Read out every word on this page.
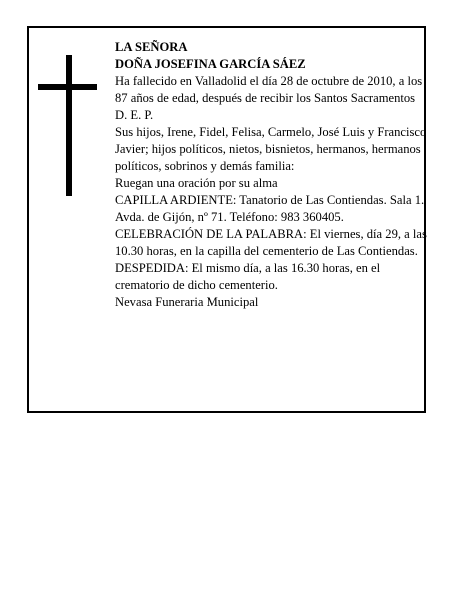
LA SEÑORA

DOÑA JOSEFINA GARCÍA SÁEZ

Ha fallecido en Valladolid el día 28 de octubre de 2010, a los 87 años de edad, después de recibir los Santos Sacramentos

D. E. P.

Sus hijos, Irene, Fidel, Felisa, Carmelo, José Luis y Francisco Javier; hijos políticos, nietos, bisnietos, hermanos, hermanos políticos, sobrinos y demás familia:

Ruegan una oración por su alma

CAPILLA ARDIENTE: Tanatorio de Las Contiendas. Sala 1. Avda. de Gijón, nº 71. Teléfono: 983 360405.

CELEBRACIÓN DE LA PALABRA: El viernes, día 29, a las 10.30 horas, en la capilla del cementerio de Las Contiendas.

DESPEDIDA: El mismo día, a las 16.30 horas, en el crematorio de dicho cementerio.

Nevasa Funeraria Municipal
